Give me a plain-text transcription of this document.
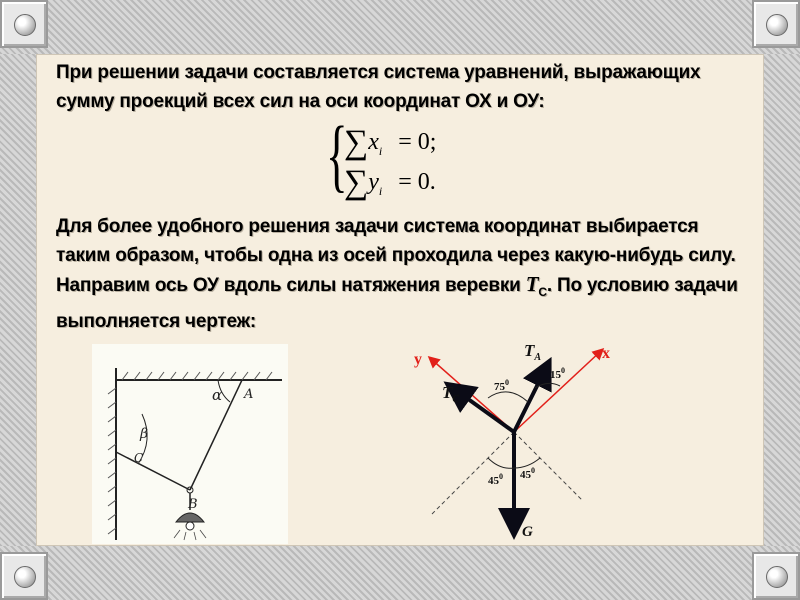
При решении задачи составляется система уравнений, выражающих сумму проекций всех сил на оси координат ОХ и ОУ:

{
$\sum x_i = 0$;
$\sum y_i = 0$.

Для более удобного решения задачи система координат выбирается таким образом, чтобы одна из осей проходила через какую-нибудь силу. Направим ось ОУ вдоль силы натяжения веревки $T_C$. По условию задачи выполняется чертеж:

α
β
A
B
C
y	x
$T_A$
$T_C$
$75^0$
$15^0$
$45^0$ $45^0$
G
